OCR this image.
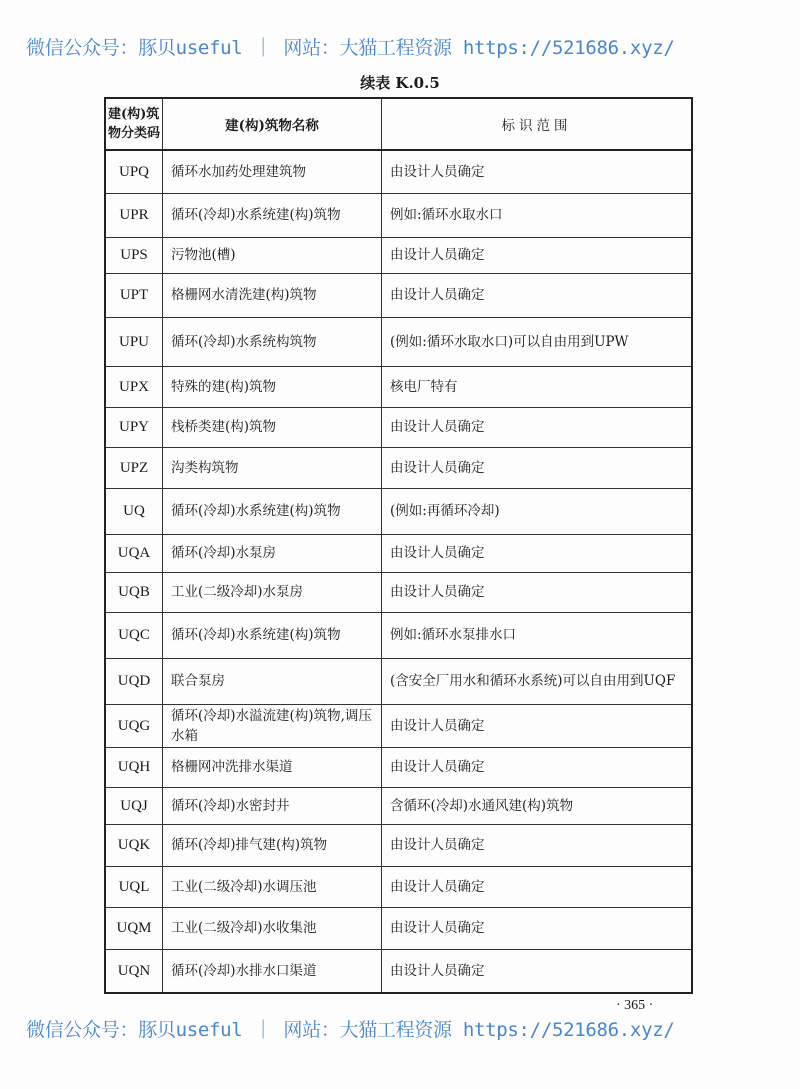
微信公众号：豚贝useful ｜ 网站：大猫工程资源 https://521686.xyz/
续表 K.0.5
建(构)筑物分类码	建(构)筑物名称	标识范围
UPQ	循环水加药处理建筑物	由设计人员确定
UPR	循环(冷却)水系统建(构)筑物	例如:循环水取水口
UPS	污物池(槽)	由设计人员确定
UPT	格栅网水清洗建(构)筑物	由设计人员确定
UPU	循环(冷却)水系统构筑物	(例如:循环水取水口)可以自由用到UPW
UPX	特殊的建(构)筑物	核电厂特有
UPY	栈桥类建(构)筑物	由设计人员确定
UPZ	沟类构筑物	由设计人员确定
UQ	循环(冷却)水系统建(构)筑物	(例如:再循环冷却)
UQA	循环(冷却)水泵房	由设计人员确定
UQB	工业(二级冷却)水泵房	由设计人员确定
UQC	循环(冷却)水系统建(构)筑物	例如:循环水泵排水口
UQD	联合泵房	(含安全厂用水和循环水系统)可以自由用到UQF
UQG	循环(冷却)水溢流建(构)筑物,调压水箱	由设计人员确定
UQH	格栅网冲洗排水渠道	由设计人员确定
UQJ	循环(冷却)水密封井	含循环(冷却)水通风建(构)筑物
UQK	循环(冷却)排气建(构)筑物	由设计人员确定
UQL	工业(二级冷却)水调压池	由设计人员确定
UQM	工业(二级冷却)水收集池	由设计人员确定
UQN	循环(冷却)水排水口渠道	由设计人员确定
· 365 ·
微信公众号：豚贝useful ｜ 网站：大猫工程资源 https://521686.xyz/
